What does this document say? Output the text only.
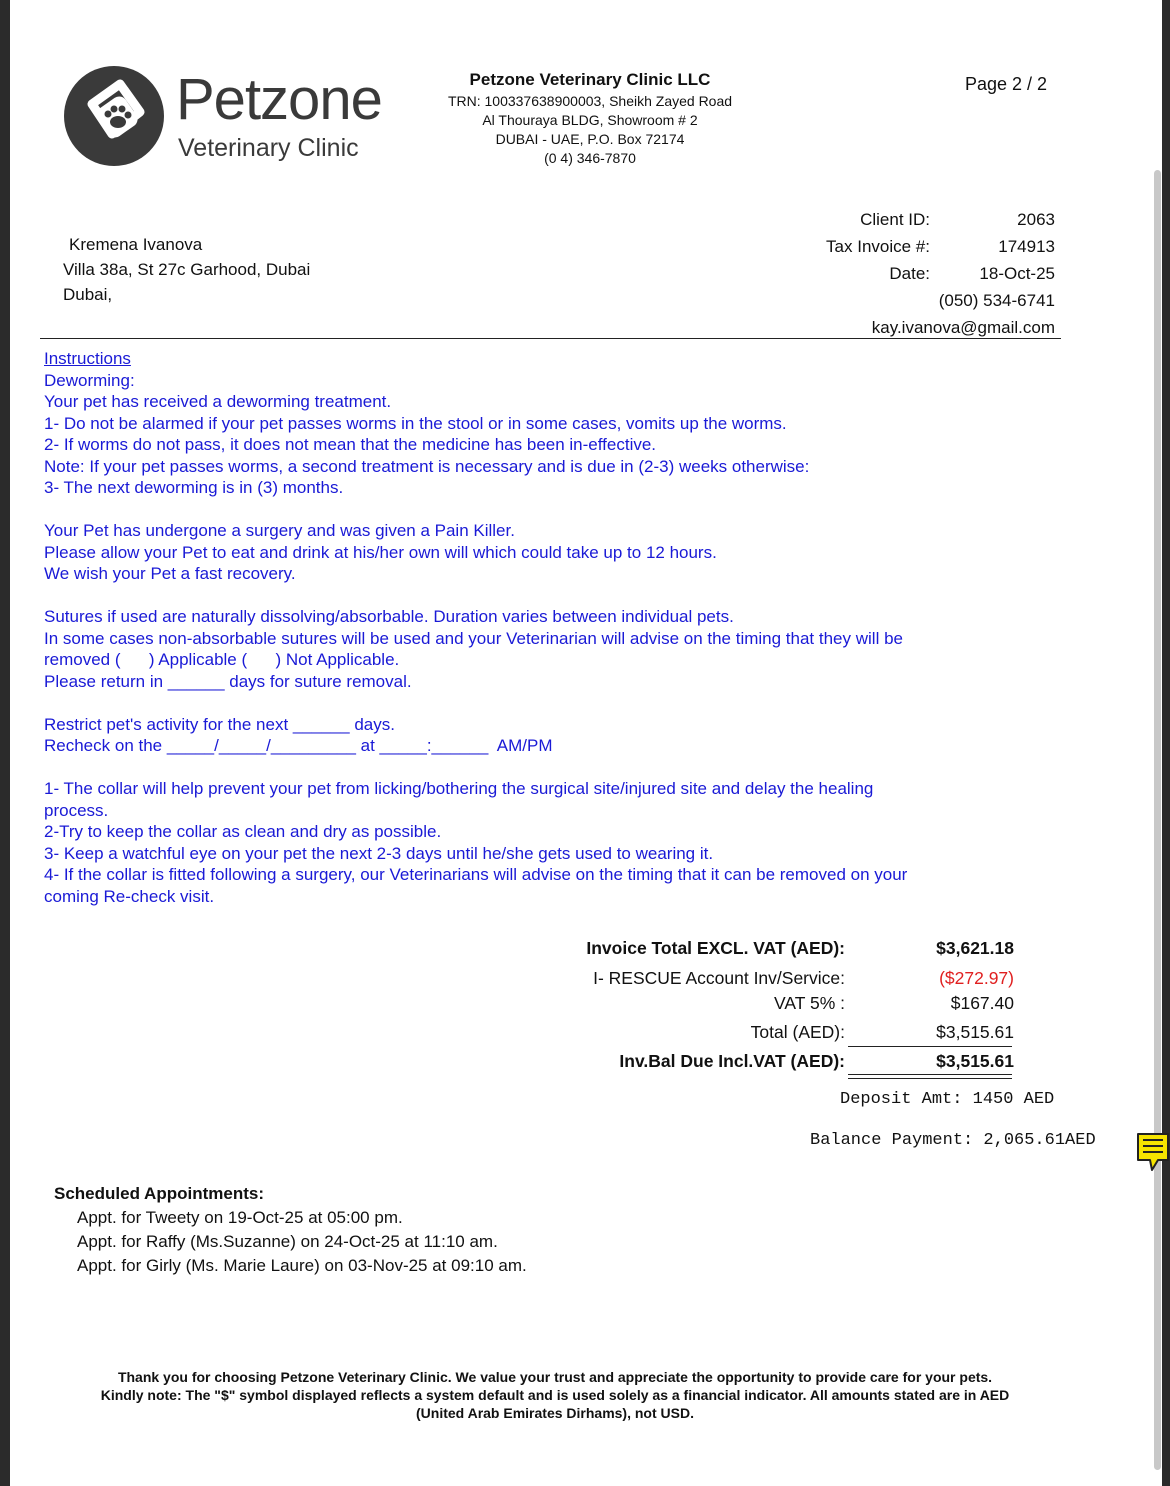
Petzone
Veterinary Clinic
Petzone Veterinary Clinic LLC
TRN: 100337638900003, Sheikh Zayed Road
Al Thouraya BLDG, Showroom # 2
DUBAI - UAE, P.O. Box 72174
(0 4) 346-7870
Page 2 / 2
Kremena Ivanova
Villa 38a, St 27c Garhood, Dubai
Dubai,
Client ID:	2063
Tax Invoice #:	174913
Date:	18-Oct-25
(050) 534-6741
kay.ivanova@gmail.com
Instructions
Deworming:
Your pet has received a deworming treatment.
1- Do not be alarmed if your pet passes worms in the stool or in some cases, vomits up the worms.
2- If worms do not pass, it does not mean that the medicine has been in-effective.
Note: If your pet passes worms, a second treatment is necessary and is due in (2-3) weeks otherwise:
3- The next deworming is in (3) months.
Your Pet has undergone a surgery and was given a Pain Killer.
Please allow your Pet to eat and drink at his/her own will which could take up to 12 hours.
We wish your Pet a fast recovery.
Sutures if used are naturally dissolving/absorbable. Duration varies between individual pets.
In some cases non-absorbable sutures will be used and your Veterinarian will advise on the timing that they will be
removed (      ) Applicable (      ) Not Applicable.
Please return in ______ days for suture removal.
Restrict pet's activity for the next ______ days.
Recheck on the _____/_____/_________ at _____:______  AM/PM
1- The collar will help prevent your pet from licking/bothering the surgical site/injured site and delay the healing
process.
2-Try to keep the collar as clean and dry as possible.
3- Keep a watchful eye on your pet the next 2-3 days until he/she gets used to wearing it.
4- If the collar is fitted following a surgery, our Veterinarians will advise on the timing that it can be removed on your
coming Re-check visit.
Invoice Total EXCL. VAT (AED):	$3,621.18
I- RESCUE Account Inv/Service:	($272.97)
VAT 5% :	$167.40
Total (AED):	$3,515.61
Inv.Bal Due Incl.VAT (AED):	$3,515.61
Deposit Amt: 1450 AED
Balance Payment: 2,065.61AED
Scheduled Appointments:
Appt. for Tweety on 19-Oct-25 at 05:00 pm.
Appt. for Raffy (Ms.Suzanne) on 24-Oct-25 at 11:10 am.
Appt. for Girly (Ms. Marie Laure) on 03-Nov-25 at 09:10 am.
Thank you for choosing Petzone Veterinary Clinic. We value your trust and appreciate the opportunity to provide care for your pets.
Kindly note: The "$" symbol displayed reflects a system default and is used solely as a financial indicator. All amounts stated are in AED
(United Arab Emirates Dirhams), not USD.
